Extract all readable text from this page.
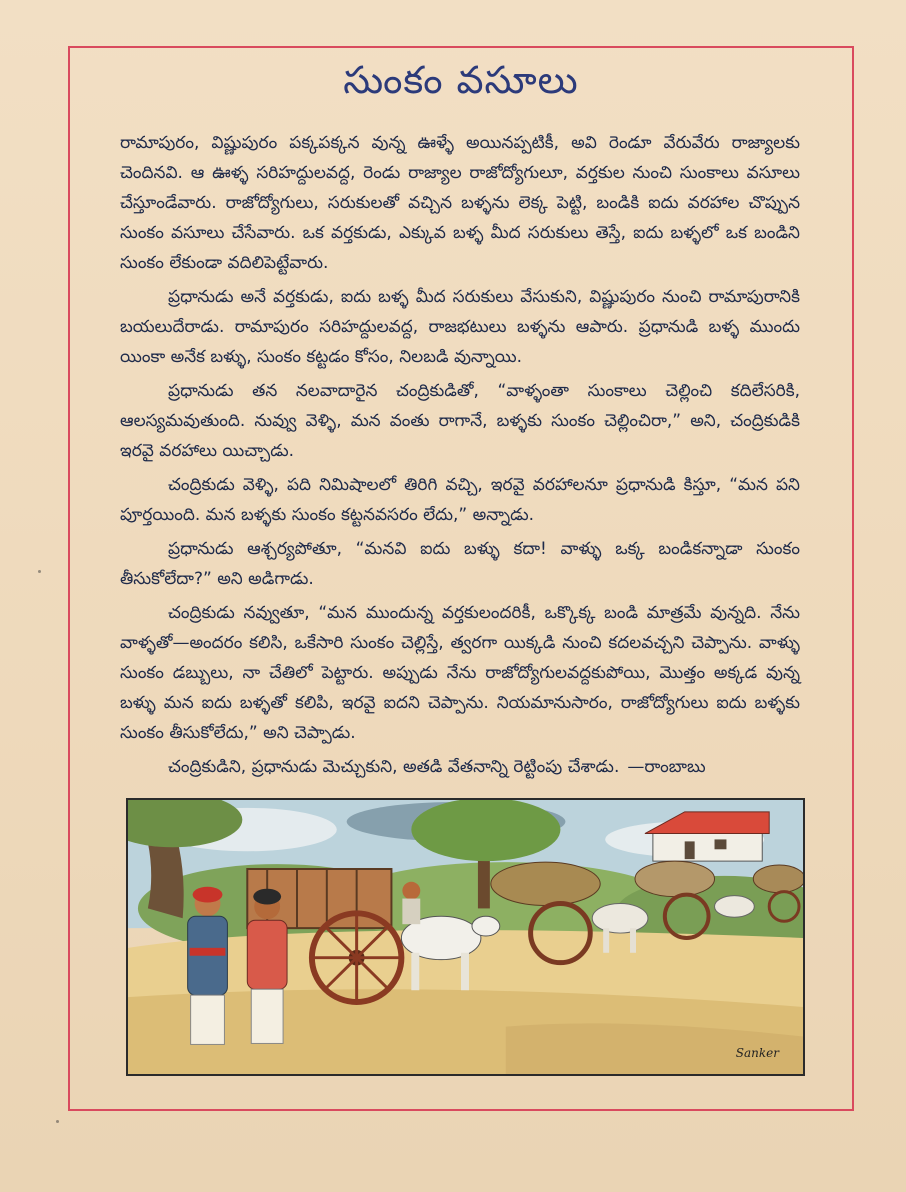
సుంకం వసూలు

రామాపురం, విష్ణుపురం పక్కపక్కన వున్న ఊళ్ళే అయినప్పటికీ, అవి రెండూ వేరువేరు రాజ్యాలకు చెందినవి. ఆ ఊళ్ళ సరిహద్దులవద్ద, రెండు రాజ్యాల రాజోద్యోగులూ, వర్తకుల నుంచి సుంకాలు వసూలు చేస్తూండేవారు. రాజోద్యోగులు, సరుకులతో వచ్చిన బళ్ళను లెక్క పెట్టి, బండికి ఐదు వరహాల చొప్పున సుంకం వసూలు చేసేవారు. ఒక వర్తకుడు, ఎక్కువ బళ్ళ మీద సరుకులు తెస్తే, ఐదు బళ్ళలో ఒక బండిని సుంకం లేకుండా వదిలిపెట్టేవారు.

ప్రధానుడు అనే వర్తకుడు, ఐదు బళ్ళ మీద సరుకులు వేసుకుని, విష్ణుపురం నుంచి రామాపురానికి బయలుదేరాడు. రామాపురం సరిహద్దులవద్ద, రాజభటులు బళ్ళను ఆపారు. ప్రధానుడి బళ్ళ ముందు యింకా అనేక బళ్ళు, సుంకం కట్టడం కోసం, నిలబడి వున్నాయి.

ప్రధానుడు తన నలవాదారైన చంద్రికుడితో, “వాళ్ళంతా సుంకాలు చెల్లించి కదిలేసరికి, ఆలస్యమవుతుంది. నువ్వు వెళ్ళి, మన వంతు రాగానే, బళ్ళకు సుంకం చెల్లించిరా,” అని, చంద్రికుడికి ఇరవై వరహాలు యిచ్చాడు.

చంద్రికుడు వెళ్ళి, పది నిమిషాలలో తిరిగి వచ్చి, ఇరవై వరహాలనూ ప్రధానుడి కిస్తూ, “మన పని పూర్తయింది. మన బళ్ళకు సుంకం కట్టనవసరం లేదు,” అన్నాడు.

ప్రధానుడు ఆశ్చర్యపోతూ, “మనవి ఐదు బళ్ళు కదా! వాళ్ళు ఒక్క బండికన్నాడా సుంకం తీసుకోలేదా?” అని అడిగాడు.

చంద్రికుడు నవ్వుతూ, “మన ముందున్న వర్తకులందరికీ, ఒక్కొక్క బండి మాత్రమే వున్నది. నేను వాళ్ళతో—అందరం కలిసి, ఒకేసారి సుంకం చెల్లిస్తే, త్వరగా యిక్కడి నుంచి కదలవచ్చని చెప్పాను. వాళ్ళు సుంకం డబ్బులు, నా చేతిలో పెట్టారు. అప్పుడు నేను రాజోద్యోగులవద్దకుపోయి, మొత్తం అక్కడ వున్న బళ్ళు మన ఐదు బళ్ళతో కలిపి, ఇరవై ఐదని చెప్పాను. నియమానుసారం, రాజోద్యోగులు ఐదు బళ్ళకు సుంకం తీసుకోలేదు,” అని చెప్పాడు.

చంద్రికుడిని, ప్రధానుడు మెచ్చుకుని, అతడి వేతనాన్ని రెట్టింపు చేశాడు. —రాంబాబు

Sanker
